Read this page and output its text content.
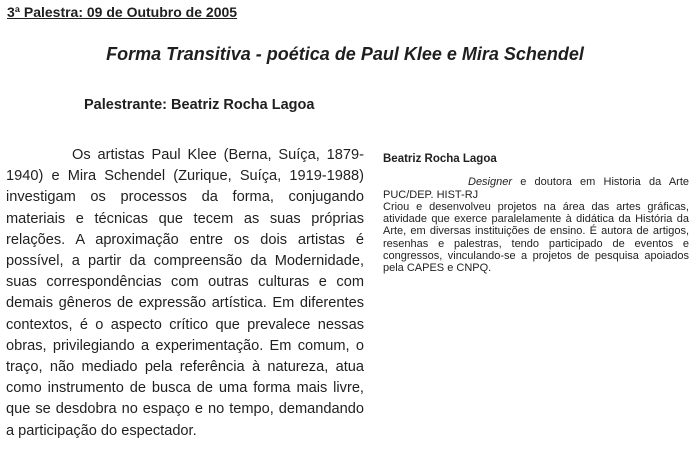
3ª Palestra: 09 de Outubro de 2005
Forma Transitiva - poética de Paul Klee e Mira Schendel
Palestrante: Beatriz Rocha Lagoa
Os artistas Paul Klee (Berna, Suíça, 1879-1940) e Mira Schendel (Zurique, Suíça, 1919-1988) investigam os processos da forma, conjugando materiais e técnicas que tecem as suas próprias relações. A aproximação entre os dois artistas é possível, a partir da compreensão da Modernidade, suas correspondências com outras culturas e com demais gêneros de expressão artística. Em diferentes contextos, é o aspecto crítico que prevalece nessas obras, privilegiando a experimentação. Em comum, o traço, não mediado pela referência à natureza, atua como instrumento de busca de uma forma mais livre, que se desdobra no espaço e no tempo, demandando a participação do espectador.

Beatriz Rocha Lagoa

Designer e doutora em Historia da Arte PUC/DEP. HIST-RJ

Criou e desenvolveu projetos na área das artes gráficas, atividade que exerce paralelamente à didática da História da Arte, em diversas instituições de ensino. É autora de artigos, resenhas e palestras, tendo participado de eventos e congressos, vinculando-se a projetos de pesquisa apoiados pela CAPES e CNPQ.
